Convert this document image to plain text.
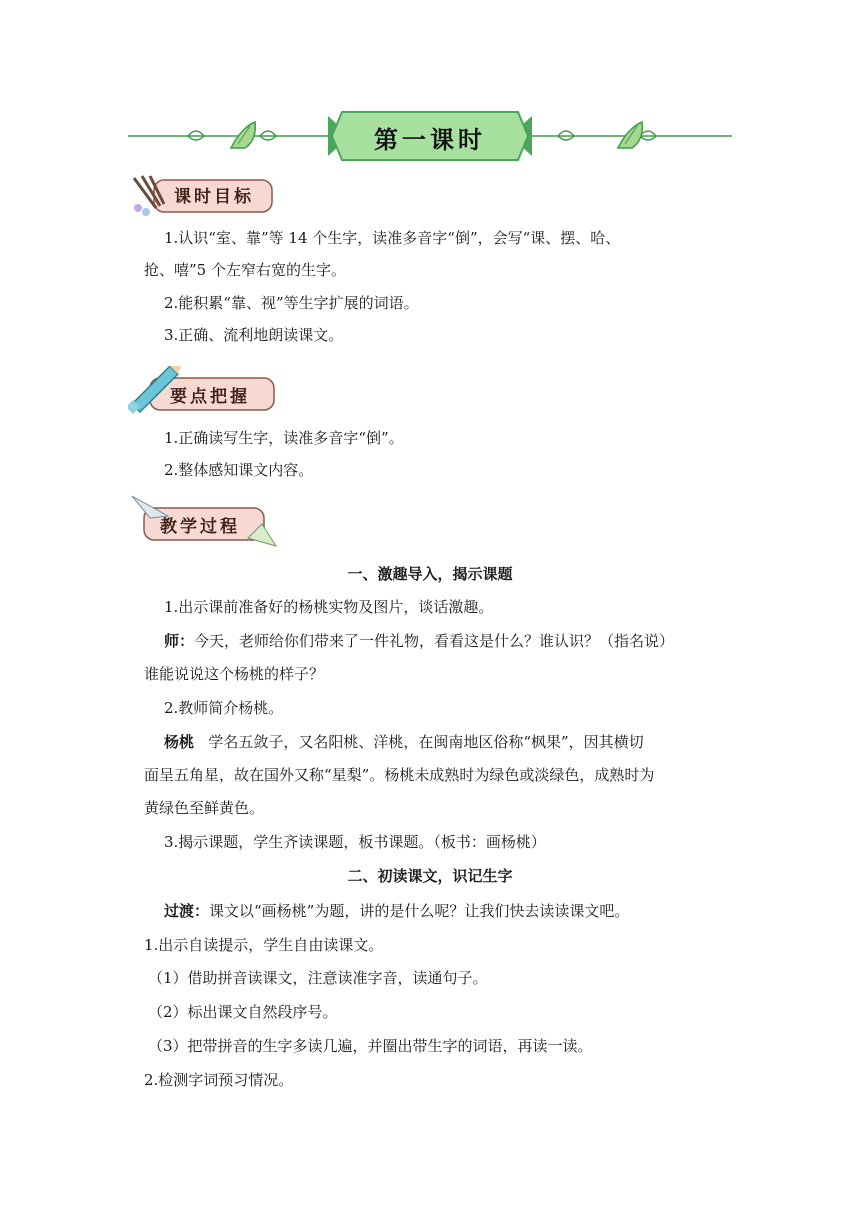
第一课时
课时目标
1.认识“室、靠”等 14 个生字，读准多音字“倒”，会写“课、摆、哈、
抢、嘻”5 个左窄右宽的生字。
2.能积累“靠、视”等生字扩展的词语。
3.正确、流利地朗读课文。
要点把握
1.正确读写生字，读准多音字“倒”。
2.整体感知课文内容。
教学过程
一、激趣导入，揭示课题
1.出示课前准备好的杨桃实物及图片，谈话激趣。
师：今天，老师给你们带来了一件礼物，看看这是什么？谁认识？（指名说）
谁能说说这个杨桃的样子？
2.教师简介杨桃。
杨桃 学名五敛子，又名阳桃、洋桃，在闽南地区俗称“枫果”，因其横切
面呈五角星，故在国外又称“星梨”。杨桃未成熟时为绿色或淡绿色，成熟时为
黄绿色至鲜黄色。
3.揭示课题，学生齐读课题，板书课题。（板书：画杨桃）
二、初读课文，识记生字
过渡：课文以“画杨桃”为题，讲的是什么呢？让我们快去读读课文吧。
1.出示自读提示，学生自由读课文。
（1）借助拼音读课文，注意读准字音，读通句子。
（2）标出课文自然段序号。
（3）把带拼音的生字多读几遍，并圈出带生字的词语，再读一读。
2.检测字词预习情况。
